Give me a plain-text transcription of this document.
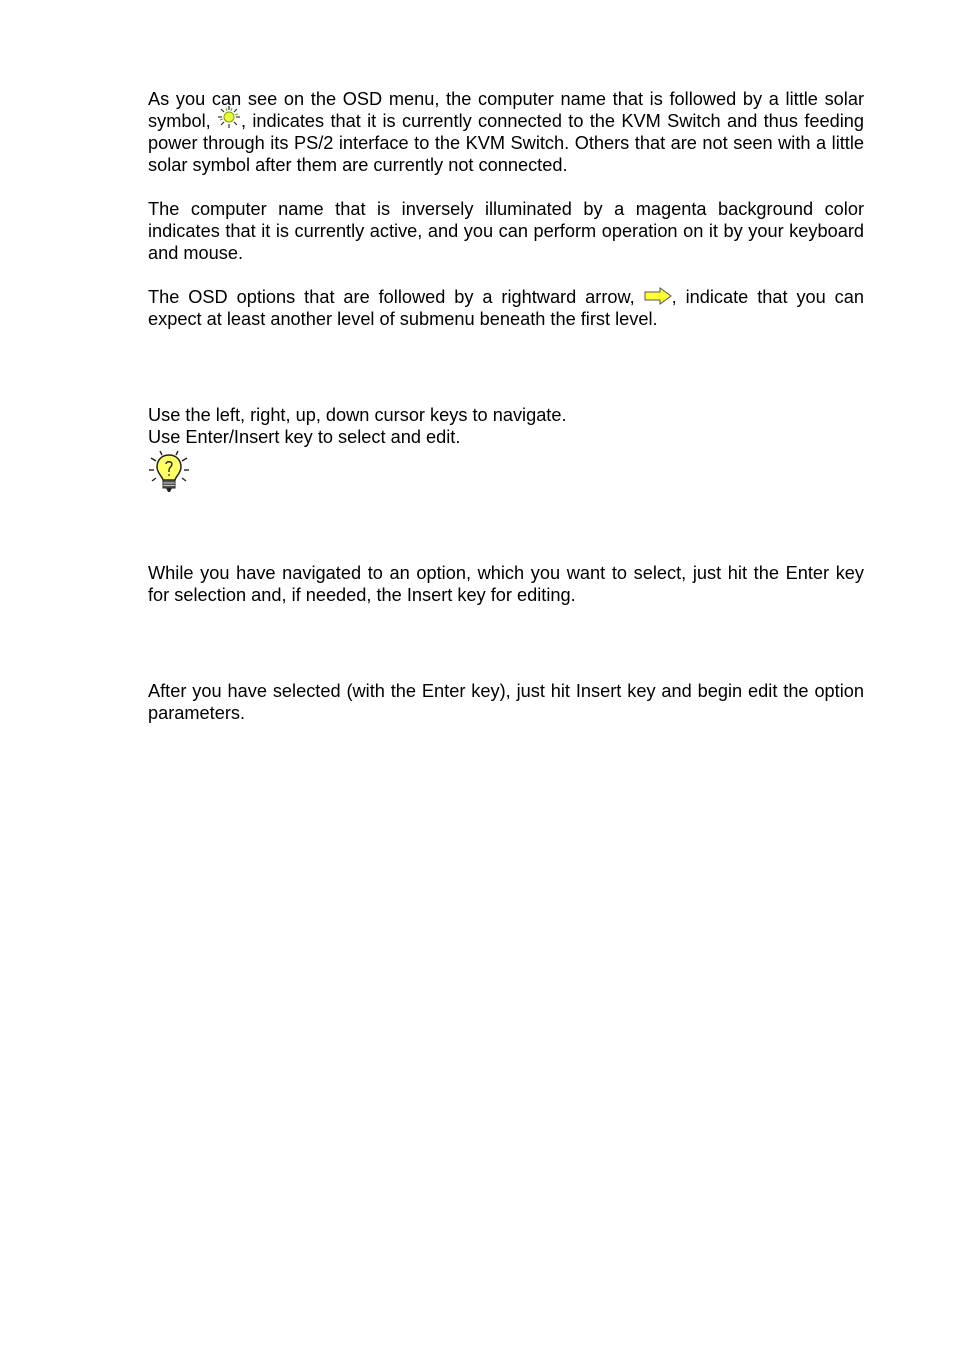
As you can see on the OSD menu, the computer name that is followed by a little solar symbol, , indicates that it is currently connected to the KVM Switch and thus feeding power through its PS/2 interface to the KVM Switch. Others that are not seen with a little solar symbol after them are currently not connected.

The computer name that is inversely illuminated by a magenta background color indicates that it is currently active, and you can perform operation on it by your keyboard and mouse.

The OSD options that are followed by a rightward arrow, , indicate that you can expect at least another level of submenu beneath the first level.

Use the left, right, up, down cursor keys to navigate.

Use Enter/Insert key to select and edit.

While you have navigated to an option, which you want to select, just hit the Enter key for selection and, if needed, the Insert key for editing.

After you have selected (with the Enter key), just hit Insert key and begin edit the option parameters.
